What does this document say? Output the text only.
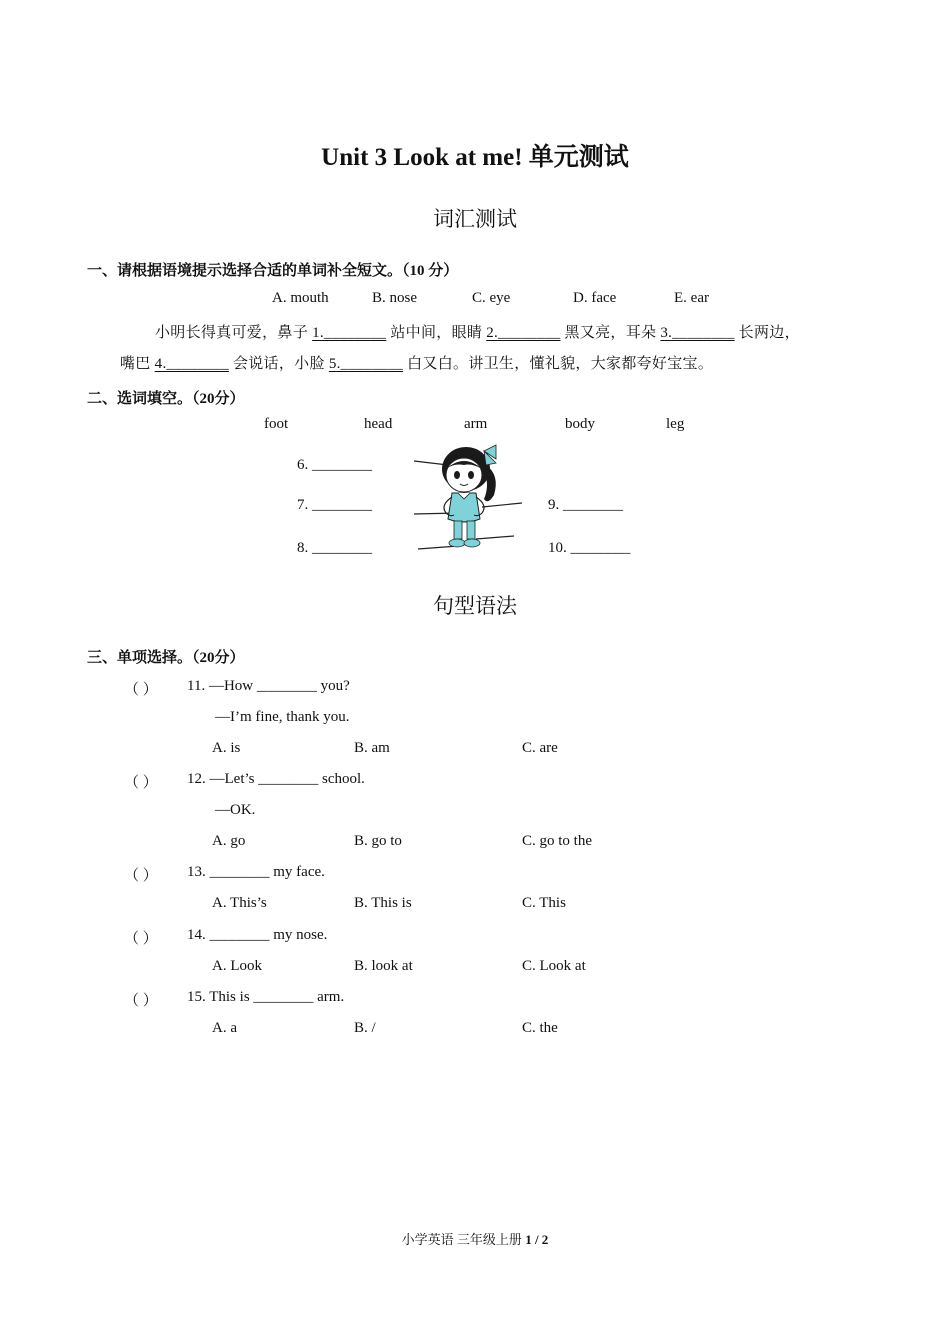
Unit 3 Look at me! 单元测试
词汇测试
一、请根据语境提示选择合适的单词补全短文。（10 分）
A. mouth	B. nose	C. eye	D. face	E. ear
小明长得真可爱，鼻子 1.________ 站中间，眼睛 2.________ 黑又亮，耳朵 3.________ 长两边，
嘴巴 4.________ 会说话，小脸 5.________ 白又白。讲卫生，懂礼貌，大家都夸好宝宝。
二、选词填空。（20分）
foot	head	arm	body	leg
6. ________
7. ________
8. ________
9. ________
10. ________
句型语法
三、单项选择。（20分）
（ ） 11. —How ________ you?
—I’m fine, thank you.
A. is	B. am	C. are
（ ） 12. —Let’s ________ school.
—OK.
A. go	B. go to	C. go to the
（ ） 13. ________ my face.
A. This’s	B. This is	C. This
（ ） 14. ________ my nose.
A. Look	B. look at	C. Look at
（ ） 15. This is ________ arm.
A. a	B. /	C. the
小学英语 三年级上册 1 / 2
